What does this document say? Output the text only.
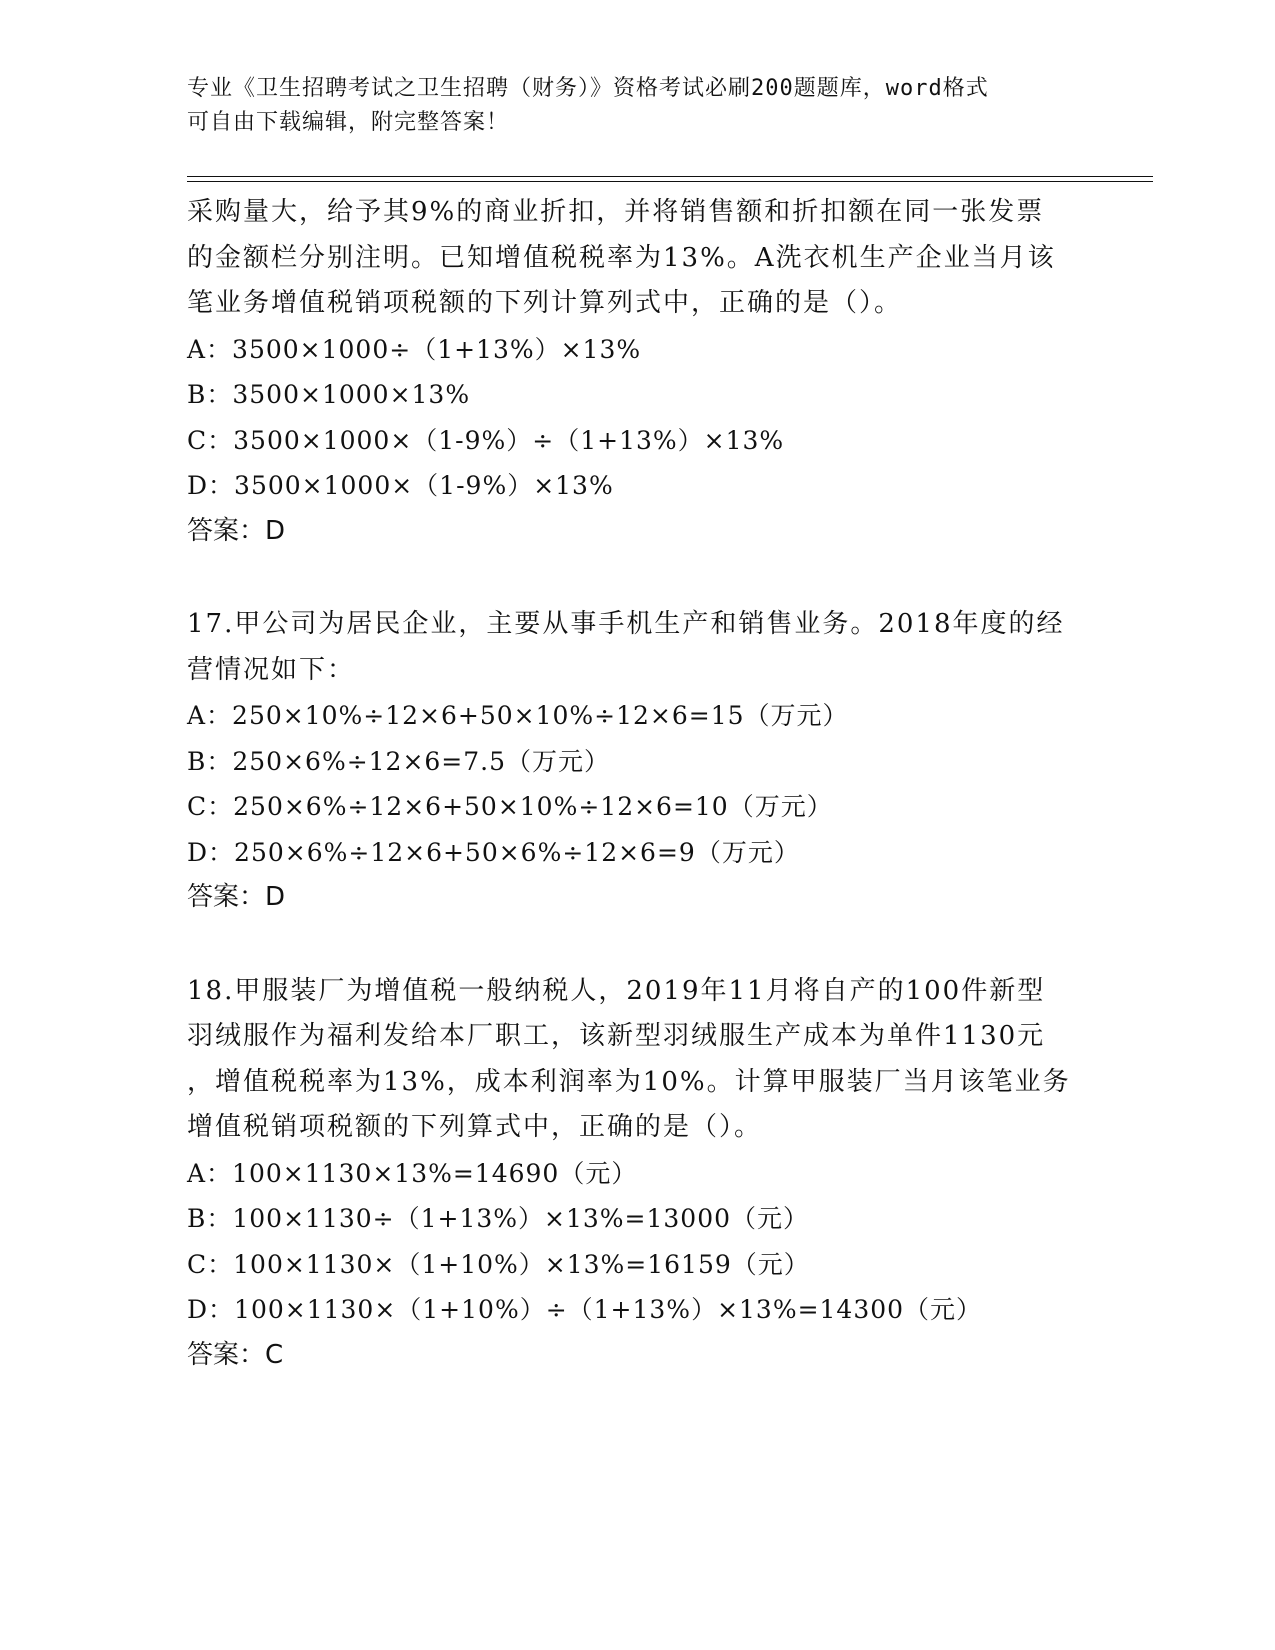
专业《卫生招聘考试之卫生招聘（财务）》资格考试必刷200题题库，word格式
可自由下载编辑，附完整答案！
采购量大，给予其9%的商业折扣，并将销售额和折扣额在同一张发票
的金额栏分别注明。已知增值税税率为13%。A洗衣机生产企业当月该
笔业务增值税销项税额的下列计算列式中，正确的是（）。
A：3500×1000÷（1+13%）×13%
B：3500×1000×13%
C：3500×1000×（1-9%）÷（1+13%）×13%
D：3500×1000×（1-9%）×13%
答案：D
17.甲公司为居民企业，主要从事手机生产和销售业务。2018年度的经
营情况如下：
A：250×10%÷12×6+50×10%÷12×6=15（万元）
B：250×6%÷12×6=7.5（万元）
C：250×6%÷12×6+50×10%÷12×6=10（万元）
D：250×6%÷12×6+50×6%÷12×6=9（万元）
答案：D
18.甲服装厂为增值税一般纳税人，2019年11月将自产的100件新型
羽绒服作为福利发给本厂职工，该新型羽绒服生产成本为单件1130元
，增值税税率为13%，成本利润率为10%。计算甲服装厂当月该笔业务
增值税销项税额的下列算式中，正确的是（）。
A：100×1130×13%=14690（元）
B：100×1130÷（1+13%）×13%=13000（元）
C：100×1130×（1+10%）×13%=16159（元）
D：100×1130×（1+10%）÷（1+13%）×13%=14300（元）
答案：C
